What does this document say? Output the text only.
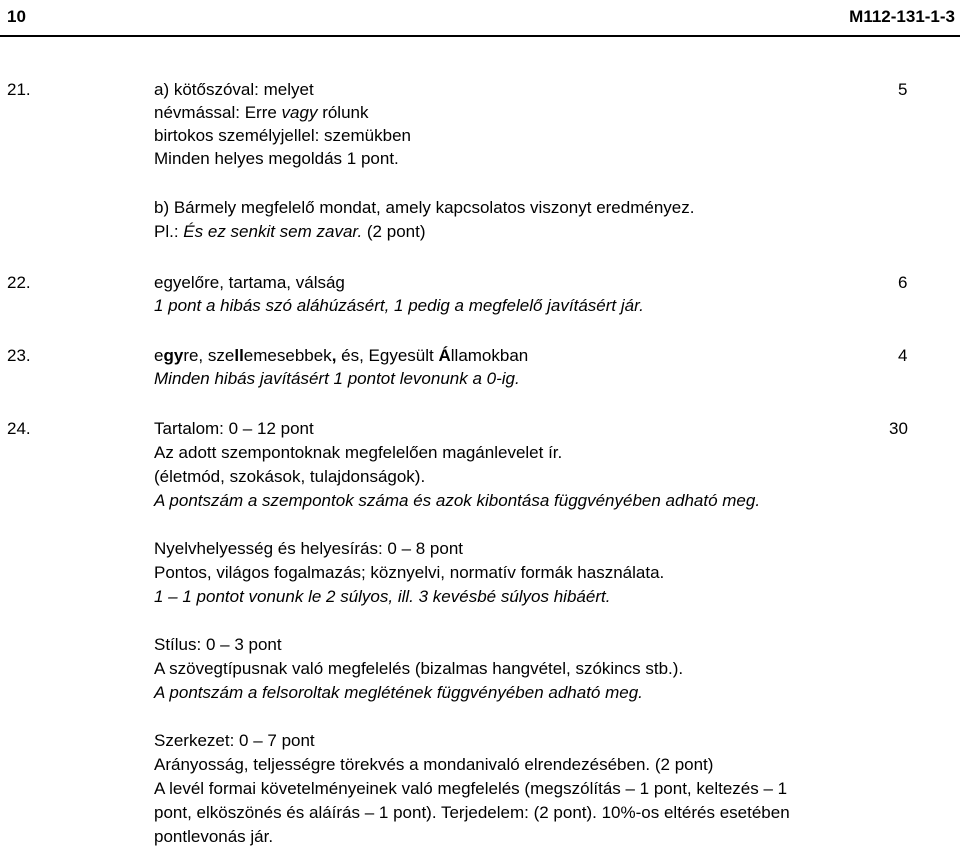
10	M112-131-1-3
21.	5
a) kötőszóval: melyet
névmással: Erre vagy rólunk
birtokos személyjellel: szemükben
Minden helyes megoldás 1 pont.
b) Bármely megfelelő mondat, amely kapcsolatos viszonyt eredményez.
Pl.: És ez senkit sem zavar. (2 pont)
22.	6
egyelőre, tartama, válság
1 pont a hibás szó aláhúzásért, 1 pedig a megfelelő javításért jár.
23.	4
egyre, szellemesebbek, és, Egyesült Államokban
Minden hibás javításért 1 pontot levonunk a 0-ig.
24.	30
Tartalom: 0 – 12 pont
Az adott szempontoknak megfelelően magánlevelet ír.
(életmód, szokások, tulajdonságok).
A pontszám a szempontok száma és azok kibontása függvényében adható meg.
Nyelvhelyesség és helyesírás: 0 – 8 pont
Pontos, világos fogalmazás; köznyelvi, normatív formák használata.
1 – 1 pontot vonunk le 2 súlyos, ill. 3 kevésbé súlyos hibáért.
Stílus: 0 – 3 pont
A szövegtípusnak való megfelelés (bizalmas hangvétel, szókincs stb.).
A pontszám a felsoroltak meglétének függvényében adható meg.
Szerkezet: 0 – 7 pont
Arányosság, teljességre törekvés a mondanivaló elrendezésében. (2 pont)
A levél formai követelményeinek való megfelelés (megszólítás – 1 pont, keltezés – 1
pont, elköszönés és aláírás – 1 pont). Terjedelem: (2 pont). 10%-os eltérés esetében
pontlevonás jár.
